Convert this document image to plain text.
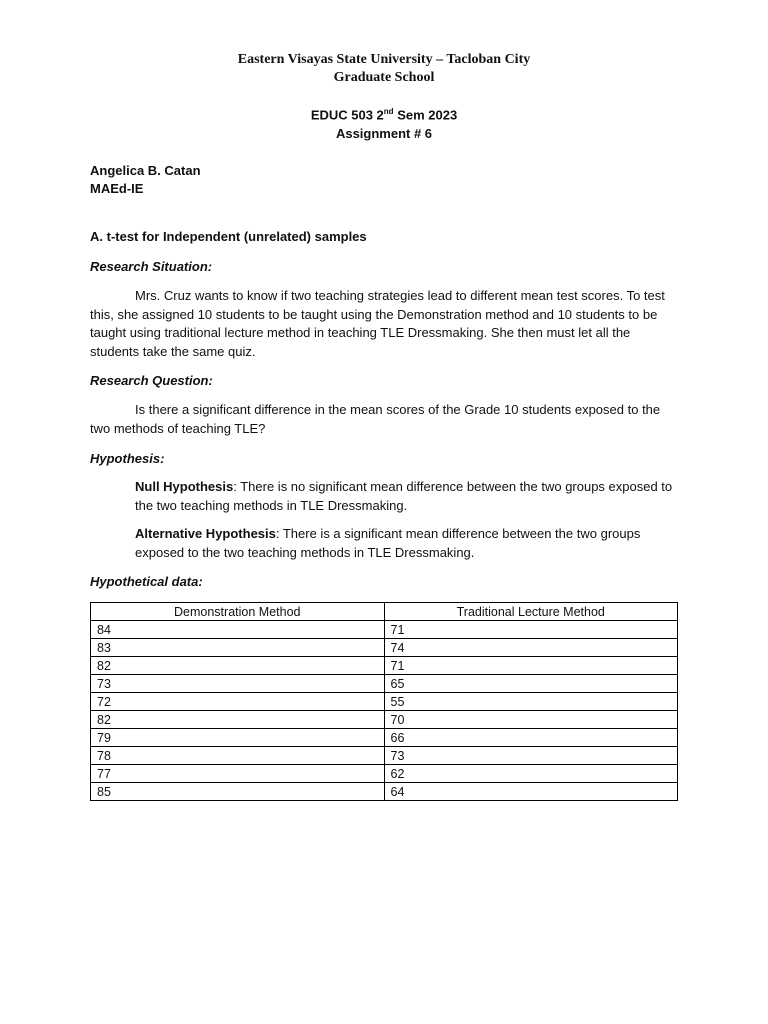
Eastern Visayas State University – Tacloban City
Graduate School
EDUC 503 2nd Sem 2023
Assignment # 6
Angelica B. Catan
MAEd-IE
A. t-test for Independent (unrelated) samples
Research Situation:
Mrs. Cruz wants to know if two teaching strategies lead to different mean test scores. To test this, she assigned 10 students to be taught using the Demonstration method and 10 students to be taught using traditional lecture method in teaching TLE Dressmaking. She then must let all the students take the same quiz.
Research Question:
Is there a significant difference in the mean scores of the Grade 10 students exposed to the two methods of teaching TLE?
Hypothesis:
Null Hypothesis: There is no significant mean difference between the two groups exposed to the two teaching methods in TLE Dressmaking.
Alternative Hypothesis: There is a significant mean difference between the two groups exposed to the two teaching methods in TLE Dressmaking.
Hypothetical data:
Demonstration Method	Traditional Lecture Method
84	71
83	74
82	71
73	65
72	55
82	70
79	66
78	73
77	62
85	64
